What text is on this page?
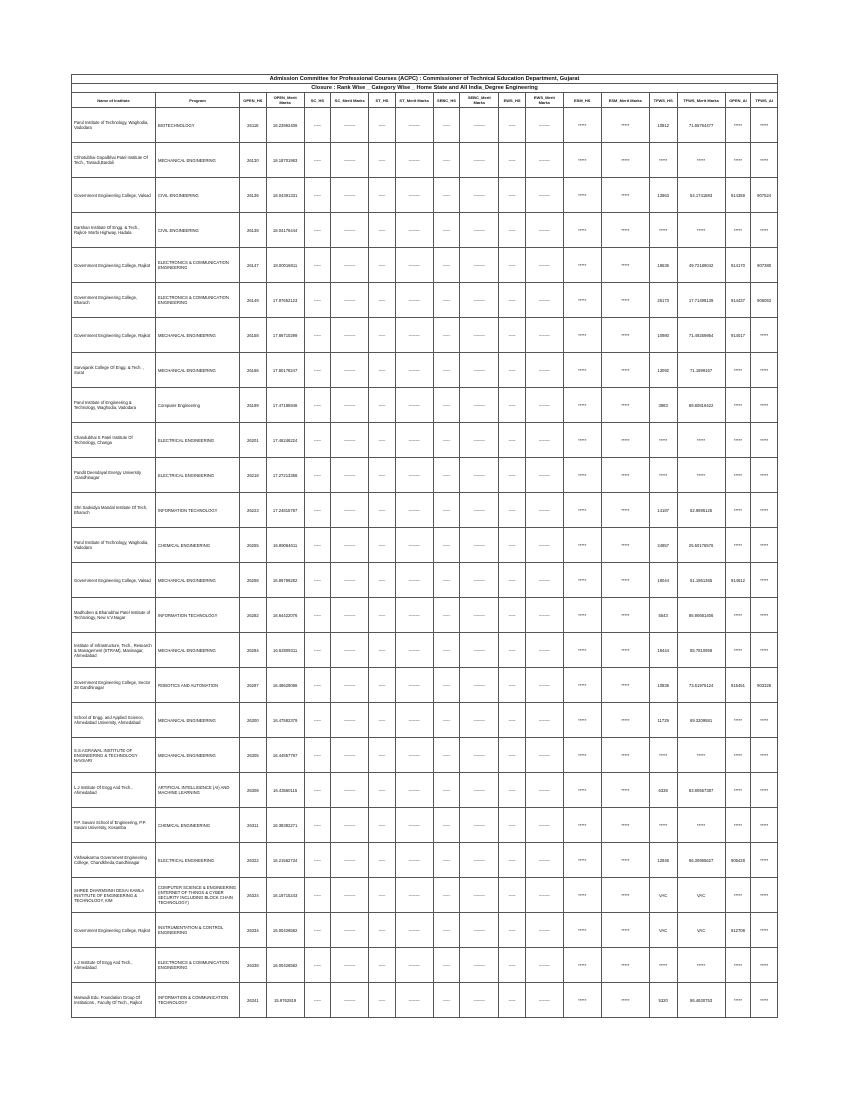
Admission Committee for Professional Courses (ACPC) : Commissioner of Technical Education Department, Gujarat																	
Closure : Rank Wise _ Category Wise _ Home State and All India_Degree Engineering																	
Name of Institute	Program	OPEN_HS	OPEN_Merit Marks	SC_HS	SC_Merit Marks	ST_HS	ST_Merit Marks	SEBC_HS	SEBC_Merit Marks	EWS_HS	EWS_Merit Marks	ESM_HS	ESM_Merit Marks	TFWS_HS	TFWS_Merit Marks	OPEN_AI	TFWS_AI
Parul Institute of Technology, Waghodia, Vadodara	BIOTECHNOLOGY	26118	18.23962406	-----	--------	-----	--------	-----	--------	-----	--------	*****	*****	10812	71.65764477	*****	*****
Chhotubhai Gopalbhai Patel Institute Of Tech., Tarsadi,Bardoli	MECHANICAL ENGINEERING	26130	18.18701983	-----	--------	-----	--------	-----	--------	-----	--------	*****	*****	*****	*****	*****	*****
Government Engineering College, Valsad	CIVIL ENGINEERING	26136	18.04391331	-----	--------	-----	--------	-----	--------	-----	--------	*****	*****	13963	54.1741883	914359	907524
Darshan Institute Of Engg. & Tech., Rajkot- Morbi Highway, Hadala	CIVIL ENGINEERING	26138	18.04176444	-----	--------	-----	--------	-----	--------	-----	--------	*****	*****	*****	*****	*****	*****
Government Engineering College, Rajkot	ELECTRONICS & COMMUNICATION ENGINEERING	26147	18.00016811	-----	--------	-----	--------	-----	--------	-----	--------	*****	*****	18536	49.72189042	914170	907380
Government Engineering College, Bharuch	ELECTRONICS & COMMUNICATION ENGINEERING	26149	17.97652123	-----	--------	-----	--------	-----	--------	-----	--------	*****	*****	26173	17.71498139	914437	906063
Government Engineering College, Rajkot	MECHANICAL ENGINEERING	26158	17.86710299	-----	--------	-----	--------	-----	--------	-----	--------	*****	*****	10980	71.49259954	914017	*****
Sarvajanik College Of Engg. & Tech. , Surat	MECHANICAL ENGINEERING	26166	17.80178247	-----	--------	-----	--------	-----	--------	-----	--------	*****	*****	13092	71.1899167	*****	*****
Parul Institute of Engineering & Technology, Waghodia, Vadodara	Computer Engineering	26199	17.47185946	-----	--------	-----	--------	-----	--------	-----	--------	*****	*****	3983	89.80819422	*****	*****
Chandubhai S Patel Institute Of Technology, Changa	ELECTRICAL ENGINEERING	26201	17.46246224	-----	--------	-----	--------	-----	--------	-----	--------	*****	*****	*****	*****	*****	*****
Pandit Deendayal Energy University ,Gandhinagar	ELECTRICAL ENGINEERING	26218	17.27213358	-----	--------	-----	--------	-----	--------	-----	--------	*****	*****	*****	*****	*****	*****
Shri Sadvidya Mandal Institute Of Tech, Bharuch	INFORMATION TECHNOLOGY	26223	17.24815787	-----	--------	-----	--------	-----	--------	-----	--------	*****	*****	14187	62.9895125	*****	*****
Parul Institute of Technology, Waghodia, Vadodara	CHEMICAL ENGINEERING	26255	16.89064611	-----	--------	-----	--------	-----	--------	-----	--------	*****	*****	24957	25.50176576	*****	*****
Government Engineering College, Valsad	MECHANICAL ENGINEERING	26258	16.86789282	-----	--------	-----	--------	-----	--------	-----	--------	*****	*****	18044	51.1961365	914612	*****
Madhuben & Bhanubhai Patel Institute of Technology, New V.V.Nagar	INFORMATION TECHNOLOGY	26282	16.64422076	-----	--------	-----	--------	-----	--------	-----	--------	*****	*****	5543	85.90681406	*****	*****
Institute of Infrastructure, Tech., Research & Management (IITRAM), Maninagar, Ahmedabad	MECHANICAL ENGINEERING	26284	16.62809311	-----	--------	-----	--------	-----	--------	-----	--------	*****	*****	18444	55.7810958	*****	*****
Government Engineering College, Sector 28 Gandhinagar	ROBOTICS AND AUTOMATION	26297	16.48629086	-----	--------	-----	--------	-----	--------	-----	--------	*****	*****	10838	73.61975124	915451	903328
School of Engg. and Applied Science, Ahmedabad University, Ahmedabad	MECHANICAL ENGINEERING	26300	16.47582379	-----	--------	-----	--------	-----	--------	-----	--------	*****	*****	11729	69.3209581	*****	*****
S.S.AGRAWAL INSTITUTE OF ENGINEERING & TECHNOLOGY NAVSARI	MECHANICAL ENGINEERING	26305	16.44857787	-----	--------	-----	--------	-----	--------	-----	--------	*****	*****	*****	*****	*****	*****
L.J Institute Of Engg And Tech., Ahmedabad	ARTIFICIAL INTELLIGENCE (AI) AND MACHINE LEARNING	26308	16.43560115	-----	--------	-----	--------	-----	--------	-----	--------	*****	*****	6338	83.90557387	*****	*****
P.P. Savani School of Engineering, P.P. Savani University, Kosamba	CHEMICAL ENGINEERING	26311	16.38382271	-----	--------	-----	--------	-----	--------	-----	--------	*****	*****	*****	*****	*****	*****
Vishwakarma Government Engineering College, Chandkheda,Gandhinagar	ELECTRICAL ENGINEERING	26322	16.21562734	-----	--------	-----	--------	-----	--------	-----	--------	*****	*****	12846	66.30955627	906428	*****
SHREE DHARMSINH DESAI KAMLA INSTITUTE OF ENGINEERING & TECHNOLOGY, KIM	COMPUTER SCIENCE & ENGINEERING (INTERNET OF THINGS & CYBER SECURITY INCLUDING BLOCK CHAIN TECHNOLOGY)	26324	16.18715243	-----	--------	-----	--------	-----	--------	-----	--------	*****	*****	VAC	VAC	*****	*****
Government Engineering College, Rajkot	INSTRUMENTATION & CONTROL ENGINEERING	26334	16.00426582	-----	--------	-----	--------	-----	--------	-----	--------	*****	*****	VAC	VAC	912708	*****
L.J Institute Of Engg And Tech., Ahmedabad	ELECTRONICS & COMMUNICATION ENGINEERING	26338	16.00426582	-----	--------	-----	--------	-----	--------	-----	--------	*****	*****	*****	*****	*****	*****
Marwadi Edu. Foundation Group Of Institutions , Faculty Of Tech., Rajkot	INFORMATION & COMMUNICATION TECHNOLOGY	26341	15.9762819	-----	--------	-----	--------	-----	--------	-----	--------	*****	*****	5320	86.4630753	*****	*****
